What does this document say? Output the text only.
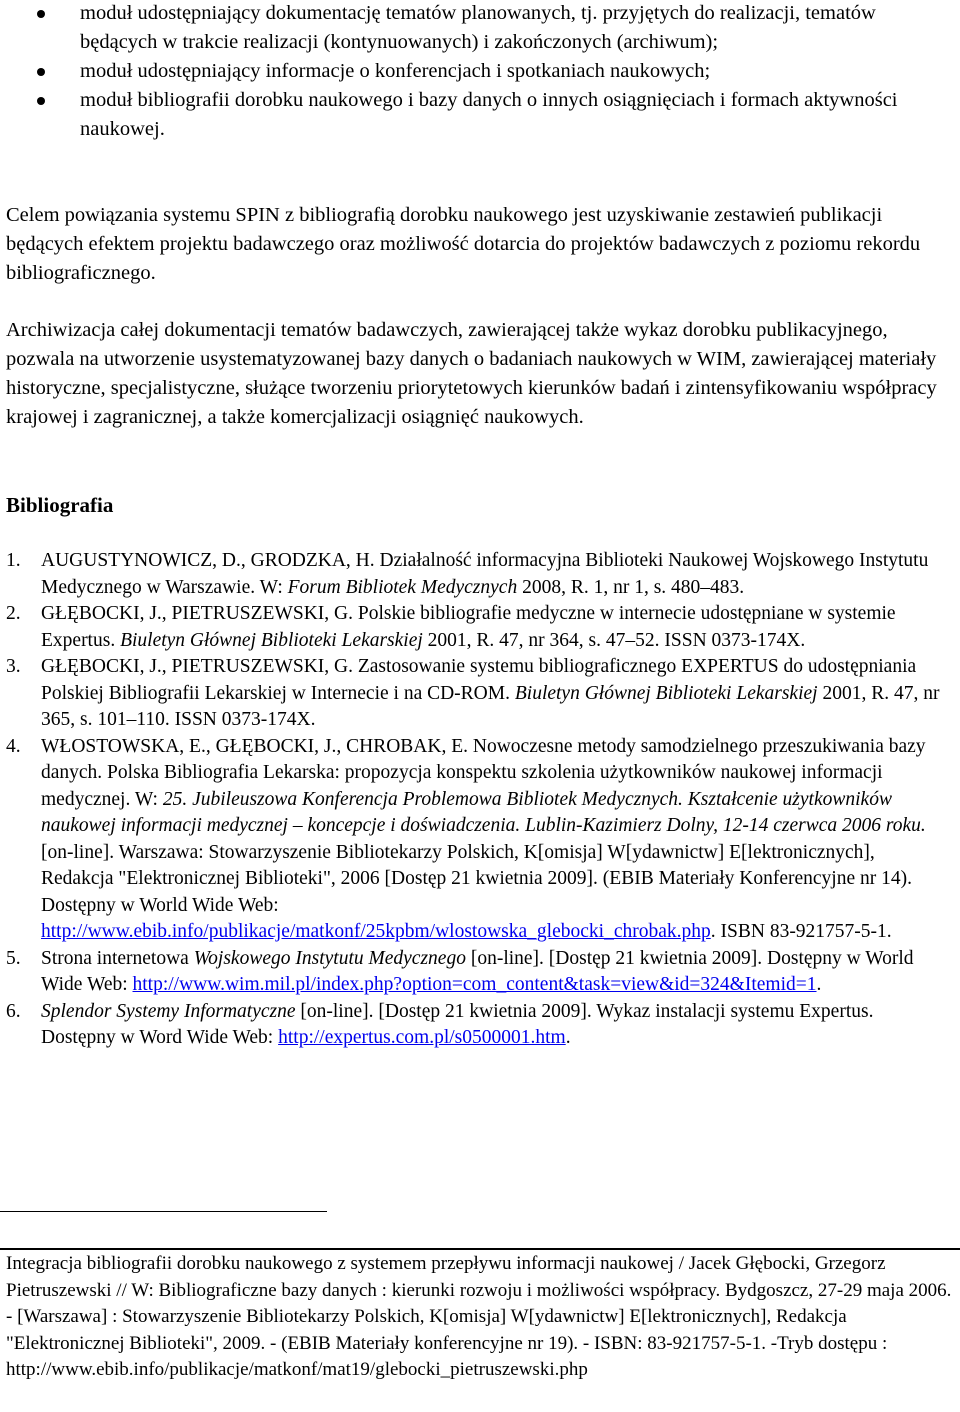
moduł udostępniający dokumentację tematów planowanych, tj. przyjętych do realizacji, tematów będących w trakcie realizacji (kontynuowanych) i zakończonych (archiwum);
moduł udostępniający informacje o konferencjach i spotkaniach naukowych;
moduł bibliografii dorobku naukowego i bazy danych o innych osiągnięciach i formach aktywności naukowej.

Celem powiązania systemu SPIN z bibliografią dorobku naukowego jest uzyskiwanie zestawień publikacji będących efektem projektu badawczego oraz możliwość dotarcia do projektów badawczych z poziomu rekordu bibliograficznego.

Archiwizacja całej dokumentacji tematów badawczych, zawierającej także wykaz dorobku publikacyjnego, pozwala na utworzenie usystematyzowanej bazy danych o badaniach naukowych w WIM, zawierającej materiały historyczne, specjalistyczne, służące tworzeniu priorytetowych kierunków badań i zintensyfikowaniu współpracy krajowej i zagranicznej, a także komercjalizacji osiągnięć naukowych.

Bibliografia
1. AUGUSTYNOWICZ, D., GRODZKA, H. Działalność informacyjna Biblioteki Naukowej Wojskowego Instytutu Medycznego w Warszawie. W: Forum Bibliotek Medycznych 2008, R. 1, nr 1, s. 480–483.
2. GŁĘBOCKI, J., PIETRUSZEWSKI, G. Polskie bibliografie medyczne w internecie udostępniane w systemie Expertus. Biuletyn Głównej Biblioteki Lekarskiej 2001, R. 47, nr 364, s. 47–52. ISSN 0373-174X.
3. GŁĘBOCKI, J., PIETRUSZEWSKI, G. Zastosowanie systemu bibliograficznego EXPERTUS do udostępniania Polskiej Bibliografii Lekarskiej w Internecie i na CD-ROM. Biuletyn Głównej Biblioteki Lekarskiej 2001, R. 47, nr 365, s. 101–110. ISSN 0373-174X.
4. WŁOSTOWSKA, E., GŁĘBOCKI, J., CHROBAK, E. Nowoczesne metody samodzielnego przeszukiwania bazy danych. Polska Bibliografia Lekarska: propozycja konspektu szkolenia użytkowników naukowej informacji medycznej. W: 25. Jubileuszowa Konferencja Problemowa Bibliotek Medycznych. Kształcenie użytkowników naukowej informacji medycznej – koncepcje i doświadczenia. Lublin-Kazimierz Dolny, 12-14 czerwca 2006 roku. [on-line]. Warszawa: Stowarzyszenie Bibliotekarzy Polskich, K[omisja] W[ydawnictw] E[lektronicznych], Redakcja "Elektronicznej Biblioteki", 2006 [Dostęp 21 kwietnia 2009]. (EBIB Materiały Konferencyjne nr 14). Dostępny w World Wide Web: http://www.ebib.info/publikacje/matkonf/25kpbm/wlostowska_glebocki_chrobak.php. ISBN 83-921757-5-1.
5. Strona internetowa Wojskowego Instytutu Medycznego [on-line]. [Dostęp 21 kwietnia 2009]. Dostępny w World Wide Web: http://www.wim.mil.pl/index.php?option=com_content&task=view&id=324&Itemid=1.
6. Splendor Systemy Informatyczne [on-line]. [Dostęp 21 kwietnia 2009]. Wykaz instalacji systemu Expertus. Dostępny w Word Wide Web: http://expertus.com.pl/s0500001.htm.

Integracja bibliografii dorobku naukowego z systemem przepływu informacji naukowej / Jacek Głębocki, Grzegorz Pietruszewski // W: Bibliograficzne bazy danych : kierunki rozwoju i możliwości współpracy. Bydgoszcz, 27-29 maja 2006. - [Warszawa] : Stowarzyszenie Bibliotekarzy Polskich, K[omisja] W[ydawnictw] E[lektronicznych], Redakcja "Elektronicznej Biblioteki", 2009. - (EBIB Materiały konferencyjne nr 19). - ISBN: 83-921757-5-1. -Tryb dostępu : http://www.ebib.info/publikacje/matkonf/mat19/glebocki_pietruszewski.php
